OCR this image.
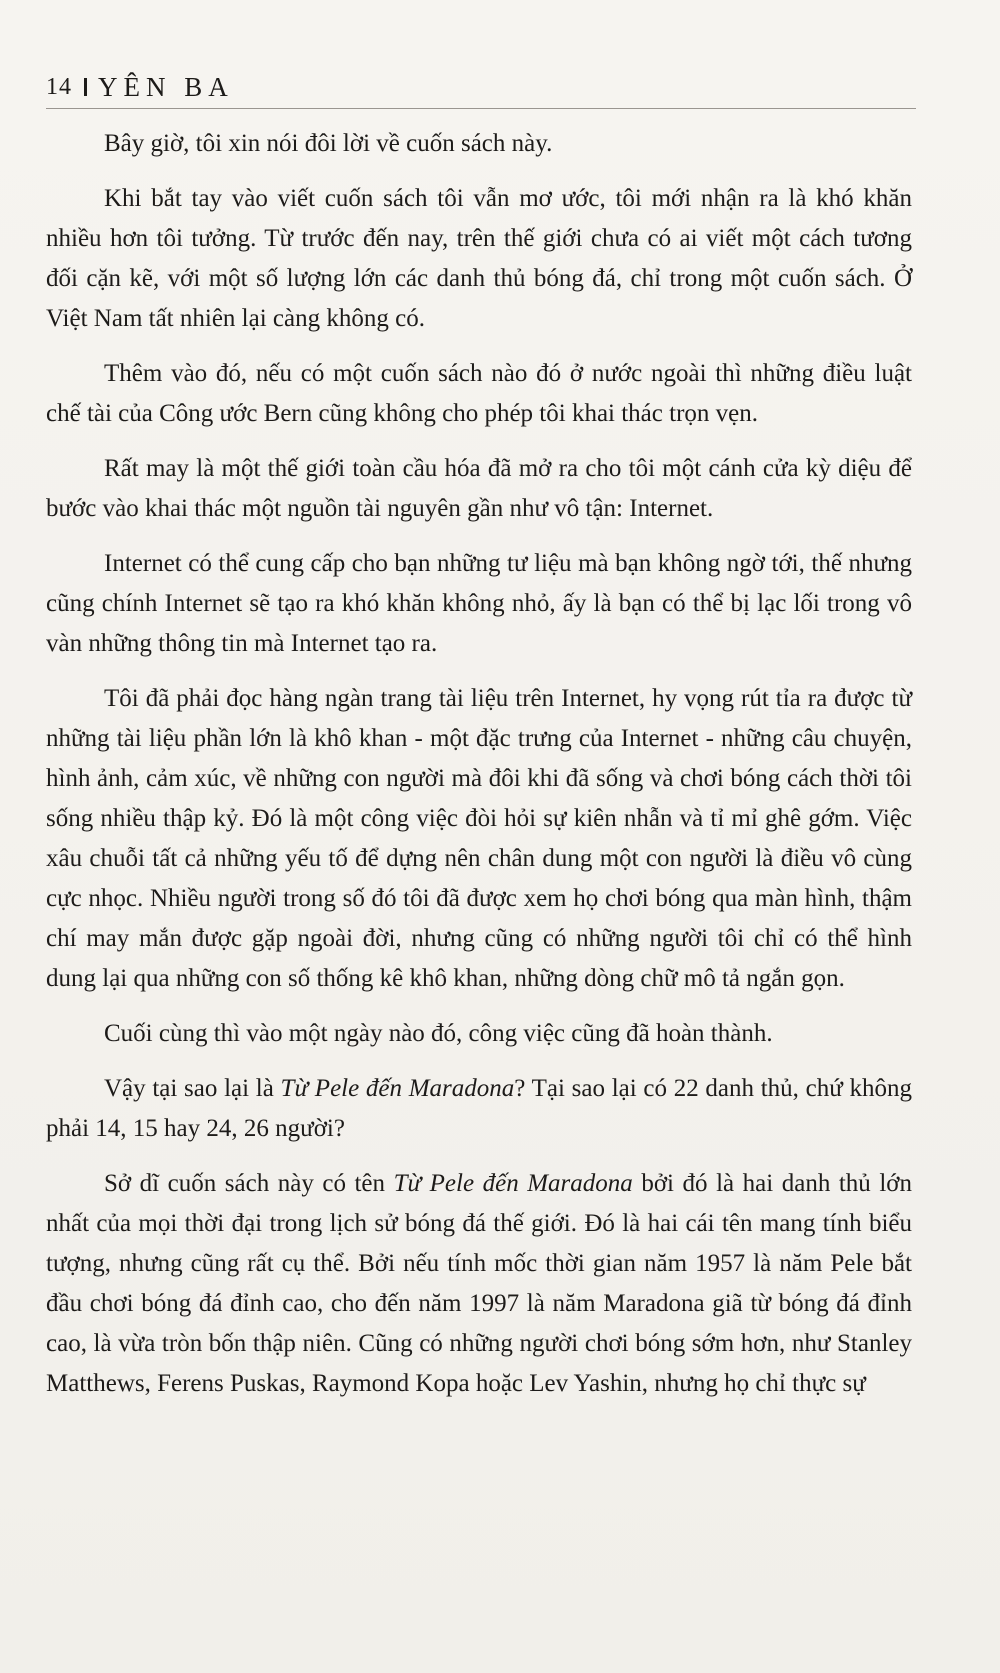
14 YÊN BA

Bây giờ, tôi xin nói đôi lời về cuốn sách này.

Khi bắt tay vào viết cuốn sách tôi vẫn mơ ước, tôi mới nhận ra là khó khăn nhiều hơn tôi tưởng. Từ trước đến nay, trên thế giới chưa có ai viết một cách tương đối cặn kẽ, với một số lượng lớn các danh thủ bóng đá, chỉ trong một cuốn sách. Ở Việt Nam tất nhiên lại càng không có.

Thêm vào đó, nếu có một cuốn sách nào đó ở nước ngoài thì những điều luật chế tài của Công ước Bern cũng không cho phép tôi khai thác trọn vẹn.

Rất may là một thế giới toàn cầu hóa đã mở ra cho tôi một cánh cửa kỳ diệu để bước vào khai thác một nguồn tài nguyên gần như vô tận: Internet.

Internet có thể cung cấp cho bạn những tư liệu mà bạn không ngờ tới, thế nhưng cũng chính Internet sẽ tạo ra khó khăn không nhỏ, ấy là bạn có thể bị lạc lối trong vô vàn những thông tin mà Internet tạo ra.

Tôi đã phải đọc hàng ngàn trang tài liệu trên Internet, hy vọng rút tỉa ra được từ những tài liệu phần lớn là khô khan - một đặc trưng của Internet - những câu chuyện, hình ảnh, cảm xúc, về những con người mà đôi khi đã sống và chơi bóng cách thời tôi sống nhiều thập kỷ. Đó là một công việc đòi hỏi sự kiên nhẫn và tỉ mỉ ghê gớm. Việc xâu chuỗi tất cả những yếu tố để dựng nên chân dung một con người là điều vô cùng cực nhọc. Nhiều người trong số đó tôi đã được xem họ chơi bóng qua màn hình, thậm chí may mắn được gặp ngoài đời, nhưng cũng có những người tôi chỉ có thể hình dung lại qua những con số thống kê khô khan, những dòng chữ mô tả ngắn gọn.

Cuối cùng thì vào một ngày nào đó, công việc cũng đã hoàn thành.

Vậy tại sao lại là Từ Pele đến Maradona? Tại sao lại có 22 danh thủ, chứ không phải 14, 15 hay 24, 26 người?

Sở dĩ cuốn sách này có tên Từ Pele đến Maradona bởi đó là hai danh thủ lớn nhất của mọi thời đại trong lịch sử bóng đá thế giới. Đó là hai cái tên mang tính biểu tượng, nhưng cũng rất cụ thể. Bởi nếu tính mốc thời gian năm 1957 là năm Pele bắt đầu chơi bóng đá đỉnh cao, cho đến năm 1997 là năm Maradona giã từ bóng đá đỉnh cao, là vừa tròn bốn thập niên. Cũng có những người chơi bóng sớm hơn, như Stanley Matthews, Ferens Puskas, Raymond Kopa hoặc Lev Yashin, nhưng họ chỉ thực sự
